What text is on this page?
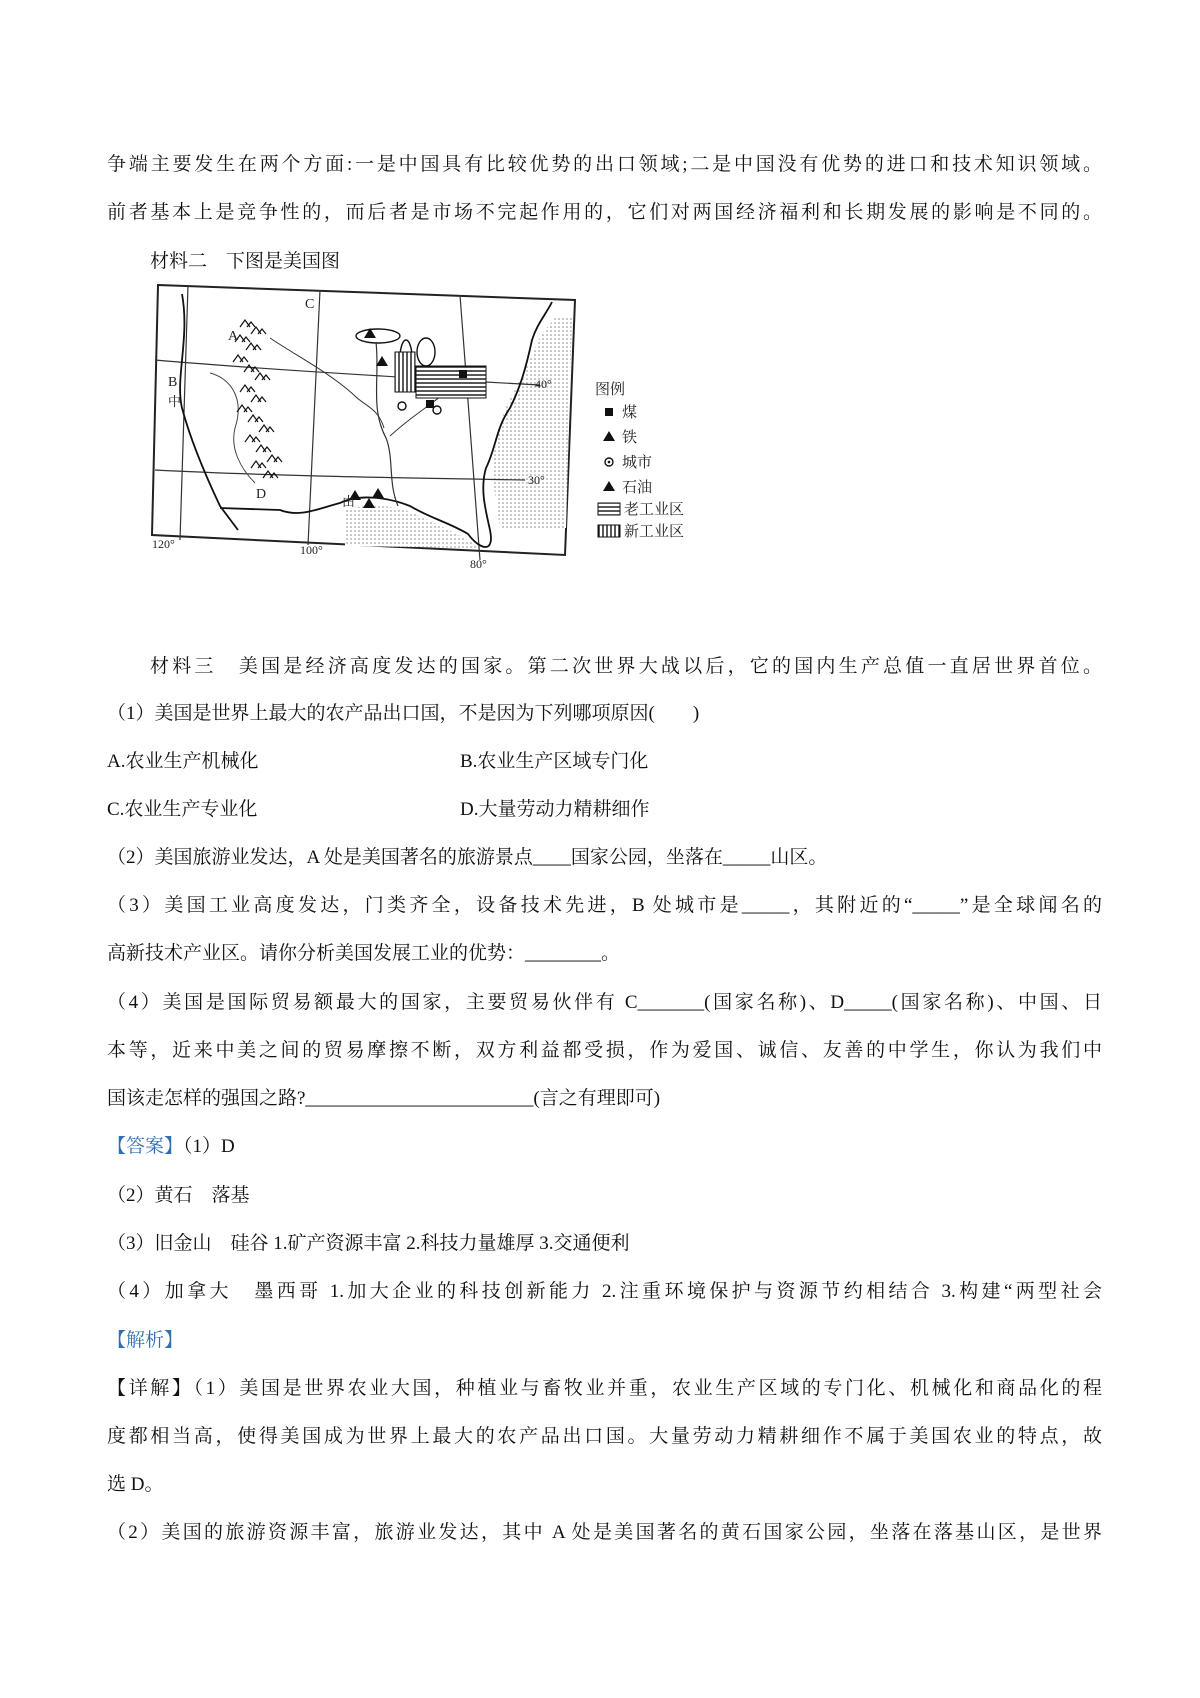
争端主要发生在两个方面:一是中国具有比较优势的出口领域;二是中国没有优势的进口和技术知识领域。
前者基本上是竞争性的，而后者是市场不完起作用的，它们对两国经济福利和长期发展的影响是不同的。
材料二　下图是美国图
A
B
中
C
D	由
40°
30°
120°	100°
80°
图例
煤
铁
城市
石油
老工业区
新工业区
材料三　美国是经济高度发达的国家。第二次世界大战以后，它的国内生产总值一直居世界首位。
（1）美国是世界上最大的农产品出口国，不是因为下列哪项原因(　　)
A.农业生产机械化	B.农业生产区域专门化
C.农业生产专业化	D.大量劳动力精耕细作
（2）美国旅游业发达，A 处是美国著名的旅游景点____国家公园，坐落在_____山区。
（3）美国工业高度发达，门类齐全，设备技术先进，B 处城市是_____，其附近的“_____”是全球闻名的
高新技术产业区。请你分析美国发展工业的优势：________。
（4）美国是国际贸易额最大的国家，主要贸易伙伴有 C_______(国家名称)、D_____(国家名称)、中国、日
本等，近来中美之间的贸易摩擦不断，双方利益都受损，作为爱国、诚信、友善的中学生，你认为我们中
国该走怎样的强国之路?________________________(言之有理即可)
【答案】（1）D
（2）黄石　落基
（3）旧金山　硅谷 1.矿产资源丰富 2.科技力量雄厚 3.交通便利
（4）加拿大　墨西哥 1.加大企业的科技创新能力 2.注重环境保护与资源节约相结合 3.构建“两型社会
【解析】
【详解】（1）美国是世界农业大国，种植业与畜牧业并重，农业生产区域的专门化、机械化和商品化的程
度都相当高，使得美国成为世界上最大的农产品出口国。大量劳动力精耕细作不属于美国农业的特点，故
选 D。
（2）美国的旅游资源丰富，旅游业发达，其中 A 处是美国著名的黄石国家公园，坐落在落基山区，是世界
